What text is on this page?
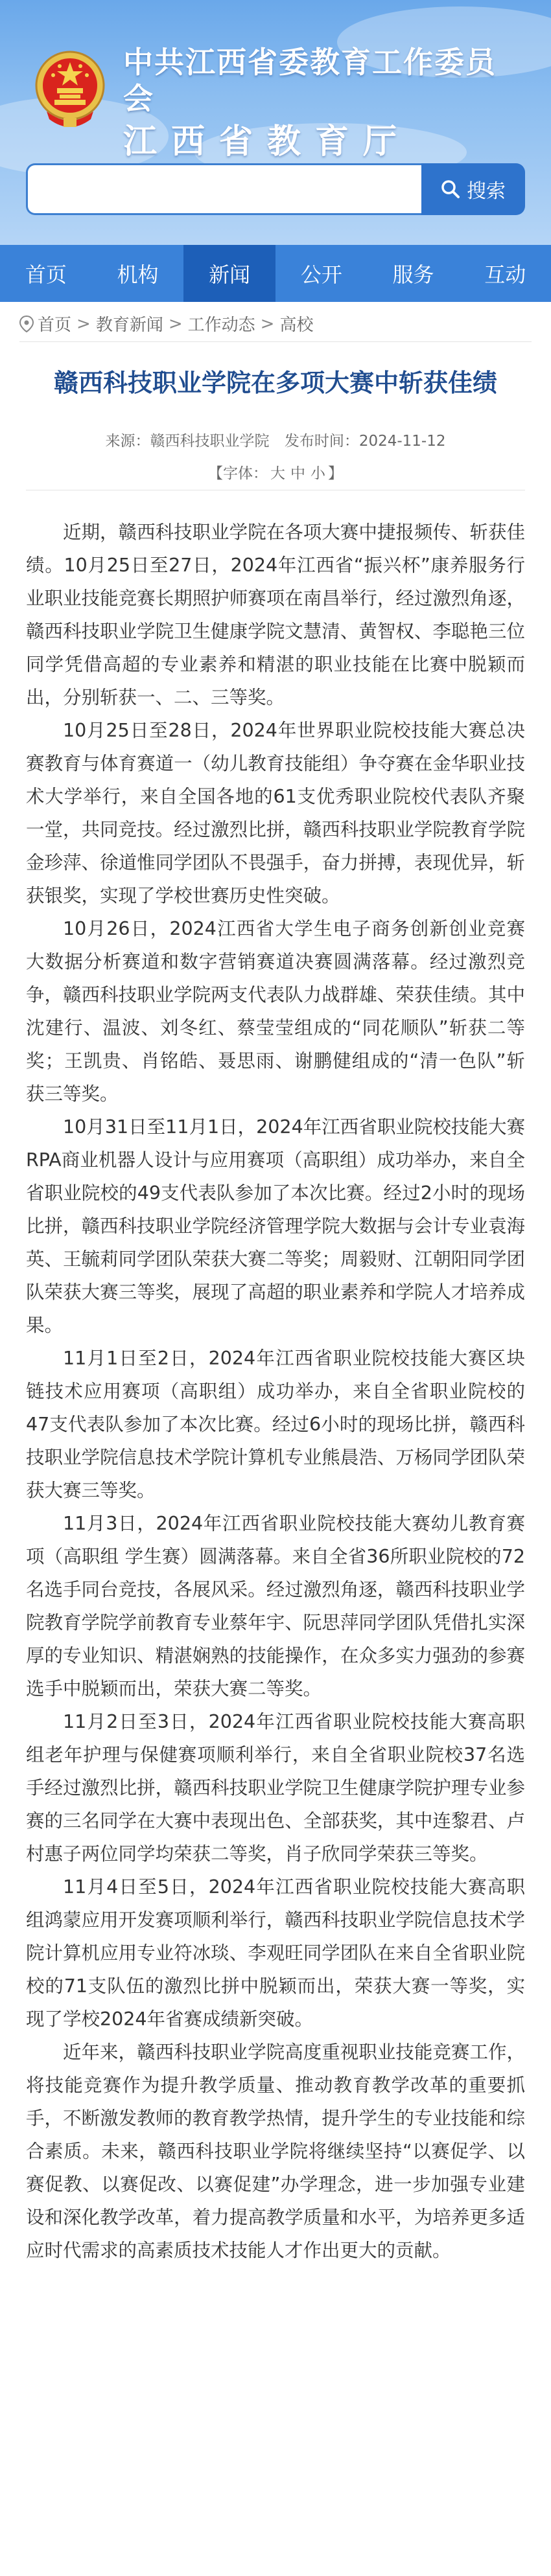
中共江西省委教育工作委员会
江西省教育厅
搜索
首页	机构	新闻	公开	服务	互动
首页 > 教育新闻 > 工作动态 > 高校
赣西科技职业学院在多项大赛中斩获佳绩
来源：赣西科技职业学院 发布时间：2024-11-12
【字体： 大 中 小 】

近期，赣西科技职业学院在各项大赛中捷报频传、斩获佳绩。10月25日至27日，2024年江西省“振兴杯”康养服务行业职业技能竞赛长期照护师赛项在南昌举行，经过激烈角逐，赣西科技职业学院卫生健康学院文慧清、黄智权、李聪艳三位同学凭借高超的专业素养和精湛的职业技能在比赛中脱颖而出，分别斩获一、二、三等奖。

10月25日至28日，2024年世界职业院校技能大赛总决赛教育与体育赛道一（幼儿教育技能组）争夺赛在金华职业技术大学举行，来自全国各地的61支优秀职业院校代表队齐聚一堂，共同竞技。经过激烈比拼，赣西科技职业学院教育学院金珍萍、徐道惟同学团队不畏强手，奋力拼搏，表现优异，斩获银奖，实现了学校世赛历史性突破。

10月26日，2024江西省大学生电子商务创新创业竞赛大数据分析赛道和数字营销赛道决赛圆满落幕。经过激烈竞争，赣西科技职业学院两支代表队力战群雄、荣获佳绩。其中沈建行、温波、刘冬红、蔡莹莹组成的“同花顺队”斩获二等奖；王凯贵、肖铭皓、聂思雨、谢鹏健组成的“清一色队”斩获三等奖。

10月31日至11月1日，2024年江西省职业院校技能大赛RPA商业机器人设计与应用赛项（高职组）成功举办，来自全省职业院校的49支代表队参加了本次比赛。经过2小时的现场比拼，赣西科技职业学院经济管理学院大数据与会计专业袁海英、王毓莉同学团队荣获大赛二等奖；周毅财、江朝阳同学团队荣获大赛三等奖，展现了高超的职业素养和学院人才培养成果。

11月1日至2日，2024年江西省职业院校技能大赛区块链技术应用赛项（高职组）成功举办，来自全省职业院校的47支代表队参加了本次比赛。经过6小时的现场比拼，赣西科技职业学院信息技术学院计算机专业熊晨浩、万杨同学团队荣获大赛三等奖。

11月3日，2024年江西省职业院校技能大赛幼儿教育赛项（高职组 学生赛）圆满落幕。来自全省36所职业院校的72名选手同台竞技，各展风采。经过激烈角逐，赣西科技职业学院教育学院学前教育专业蔡年宇、阮思萍同学团队凭借扎实深厚的专业知识、精湛娴熟的技能操作，在众多实力强劲的参赛选手中脱颖而出，荣获大赛二等奖。

11月2日至3日，2024年江西省职业院校技能大赛高职组老年护理与保健赛项顺利举行，来自全省职业院校37名选手经过激烈比拼，赣西科技职业学院卫生健康学院护理专业参赛的三名同学在大赛中表现出色、全部获奖，其中连黎君、卢村惠子两位同学均荣获二等奖，肖子欣同学荣获三等奖。

11月4日至5日，2024年江西省职业院校技能大赛高职组鸿蒙应用开发赛项顺利举行，赣西科技职业学院信息技术学院计算机应用专业符冰琰、李观旺同学团队在来自全省职业院校的71支队伍的激烈比拼中脱颖而出，荣获大赛一等奖，实现了学校2024年省赛成绩新突破。

近年来，赣西科技职业学院高度重视职业技能竞赛工作，将技能竞赛作为提升教学质量、推动教育教学改革的重要抓手，不断激发教师的教育教学热情，提升学生的专业技能和综合素质。未来，赣西科技职业学院将继续坚持“以赛促学、以赛促教、以赛促改、以赛促建”办学理念，进一步加强专业建设和深化教学改革，着力提高教学质量和水平，为培养更多适应时代需求的高素质技术技能人才作出更大的贡献。
